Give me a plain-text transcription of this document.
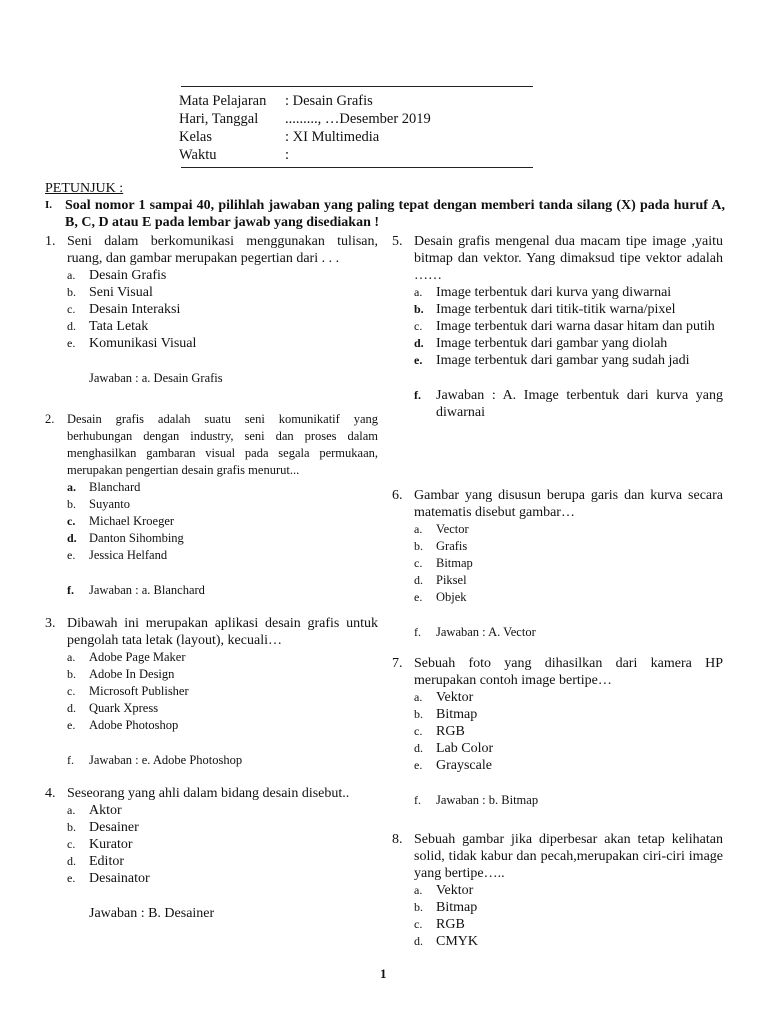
Mata Pelajaran : Desain Grafis
Hari, Tanggal ........., …Desember 2019
Kelas	: XI Multimedia
Waktu	:
PETUNJUK :
I. Soal nomor 1 sampai 40, pilihlah jawaban yang paling tepat dengan memberi tanda silang (X) pada huruf A, B, C, D atau E pada lembar jawab yang disediakan !
1. Seni dalam berkomunikasi menggunakan tulisan, ruang, dan gambar merupakan pegertian dari . . .
a. Desain Grafis
b. Seni Visual
c. Desain Interaksi
d. Tata Letak
e. Komunikasi Visual
Jawaban : a. Desain Grafis
2. Desain grafis adalah suatu seni komunikatif yang berhubungan dengan industry, seni dan proses dalam menghasilkan gambaran visual pada segala permukaan, merupakan pengertian desain grafis menurut...
a. Blanchard
b. Suyanto
c. Michael Kroeger
d. Danton Sihombing
e. Jessica Helfand
f. Jawaban : a. Blanchard
3. Dibawah ini merupakan aplikasi desain grafis untuk pengolah tata letak (layout), kecuali…
a. Adobe Page Maker
b. Adobe In Design
c. Microsoft Publisher
d. Quark Xpress
e. Adobe Photoshop
f. Jawaban : e. Adobe Photoshop
4. Seseorang yang ahli dalam bidang desain disebut..
a. Aktor
b. Desainer
c. Kurator
d. Editor
e. Desainator
Jawaban : B. Desainer
5. Desain grafis mengenal dua macam tipe image ,yaitu bitmap dan vektor. Yang dimaksud tipe vektor adalah ……
a. Image terbentuk dari kurva yang diwarnai
b. Image terbentuk dari titik-titik warna/pixel
c. Image terbentuk dari warna dasar hitam dan putih
d. Image terbentuk dari gambar yang diolah
e. Image terbentuk dari gambar yang sudah jadi
f. Jawaban : A. Image terbentuk dari kurva yang diwarnai
6. Gambar yang disusun berupa garis dan kurva secara matematis disebut gambar…
a. Vector
b. Grafis
c. Bitmap
d. Piksel
e. Objek
f. Jawaban : A. Vector
7. Sebuah foto yang dihasilkan dari kamera HP merupakan contoh image bertipe…
a. Vektor
b. Bitmap
c. RGB
d. Lab Color
e. Grayscale
f. Jawaban : b. Bitmap
8. Sebuah gambar jika diperbesar akan tetap kelihatan solid, tidak kabur dan pecah,merupakan ciri-ciri image yang bertipe…..
a. Vektor
b. Bitmap
c. RGB
d. CMYK
1
